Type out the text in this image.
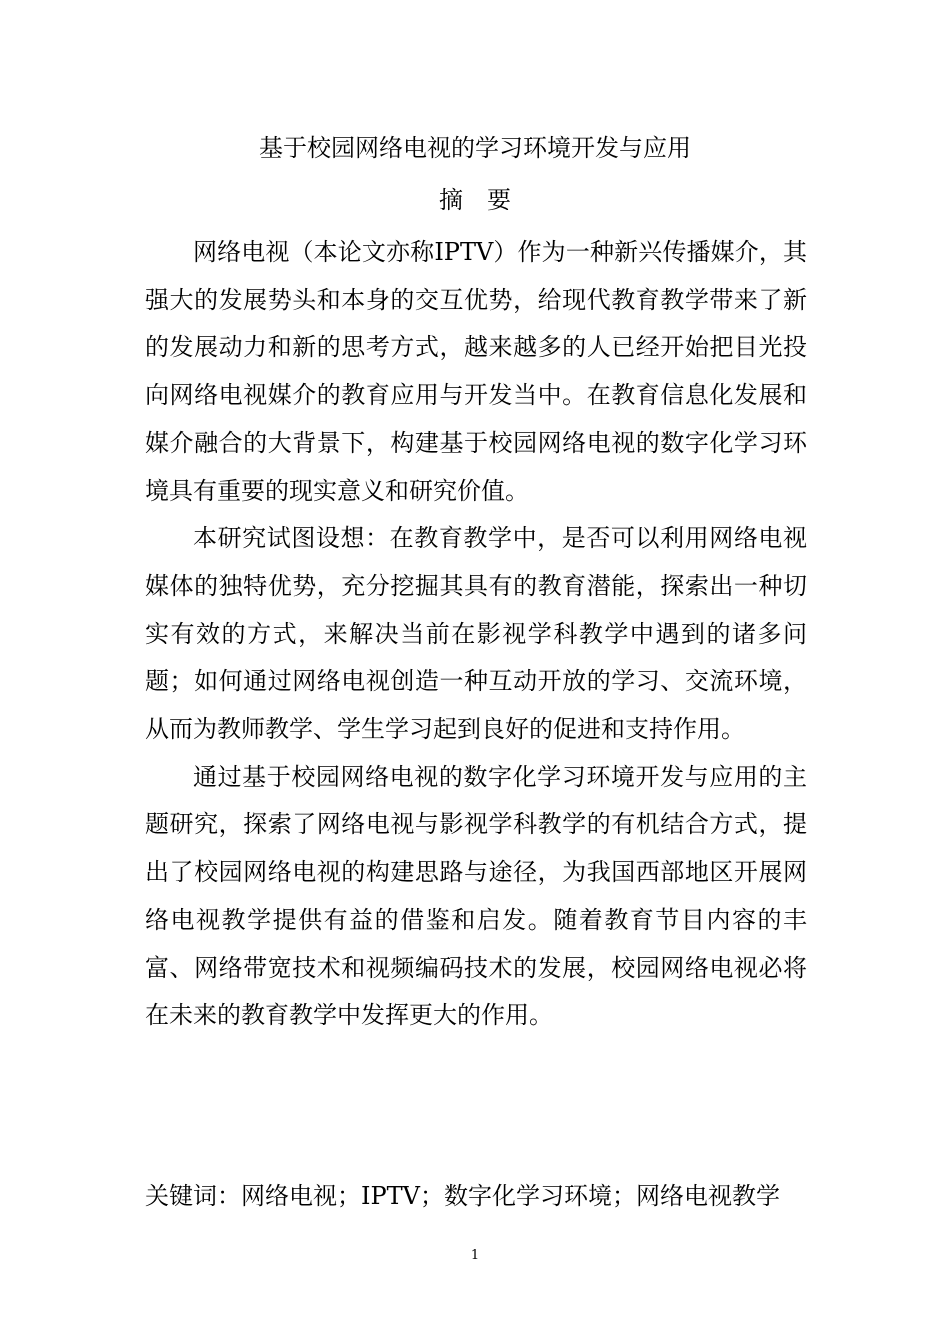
基于校园网络电视的学习环境开发与应用
摘　要

网络电视（本论文亦称IPTV）作为一种新兴传播媒介，其强大的发展势头和本身的交互优势，给现代教育教学带来了新的发展动力和新的思考方式，越来越多的人已经开始把目光投向网络电视媒介的教育应用与开发当中。在教育信息化发展和媒介融合的大背景下，构建基于校园网络电视的数字化学习环境具有重要的现实意义和研究价值。

本研究试图设想：在教育教学中，是否可以利用网络电视媒体的独特优势，充分挖掘其具有的教育潜能，探索出一种切实有效的方式，来解决当前在影视学科教学中遇到的诸多问题；如何通过网络电视创造一种互动开放的学习、交流环境，从而为教师教学、学生学习起到良好的促进和支持作用。

通过基于校园网络电视的数字化学习环境开发与应用的主题研究，探索了网络电视与影视学科教学的有机结合方式，提出了校园网络电视的构建思路与途径，为我国西部地区开展网络电视教学提供有益的借鉴和启发。随着教育节目内容的丰富、网络带宽技术和视频编码技术的发展，校园网络电视必将在未来的教育教学中发挥更大的作用。

关键词：网络电视；IPTV；数字化学习环境；网络电视教学
1
